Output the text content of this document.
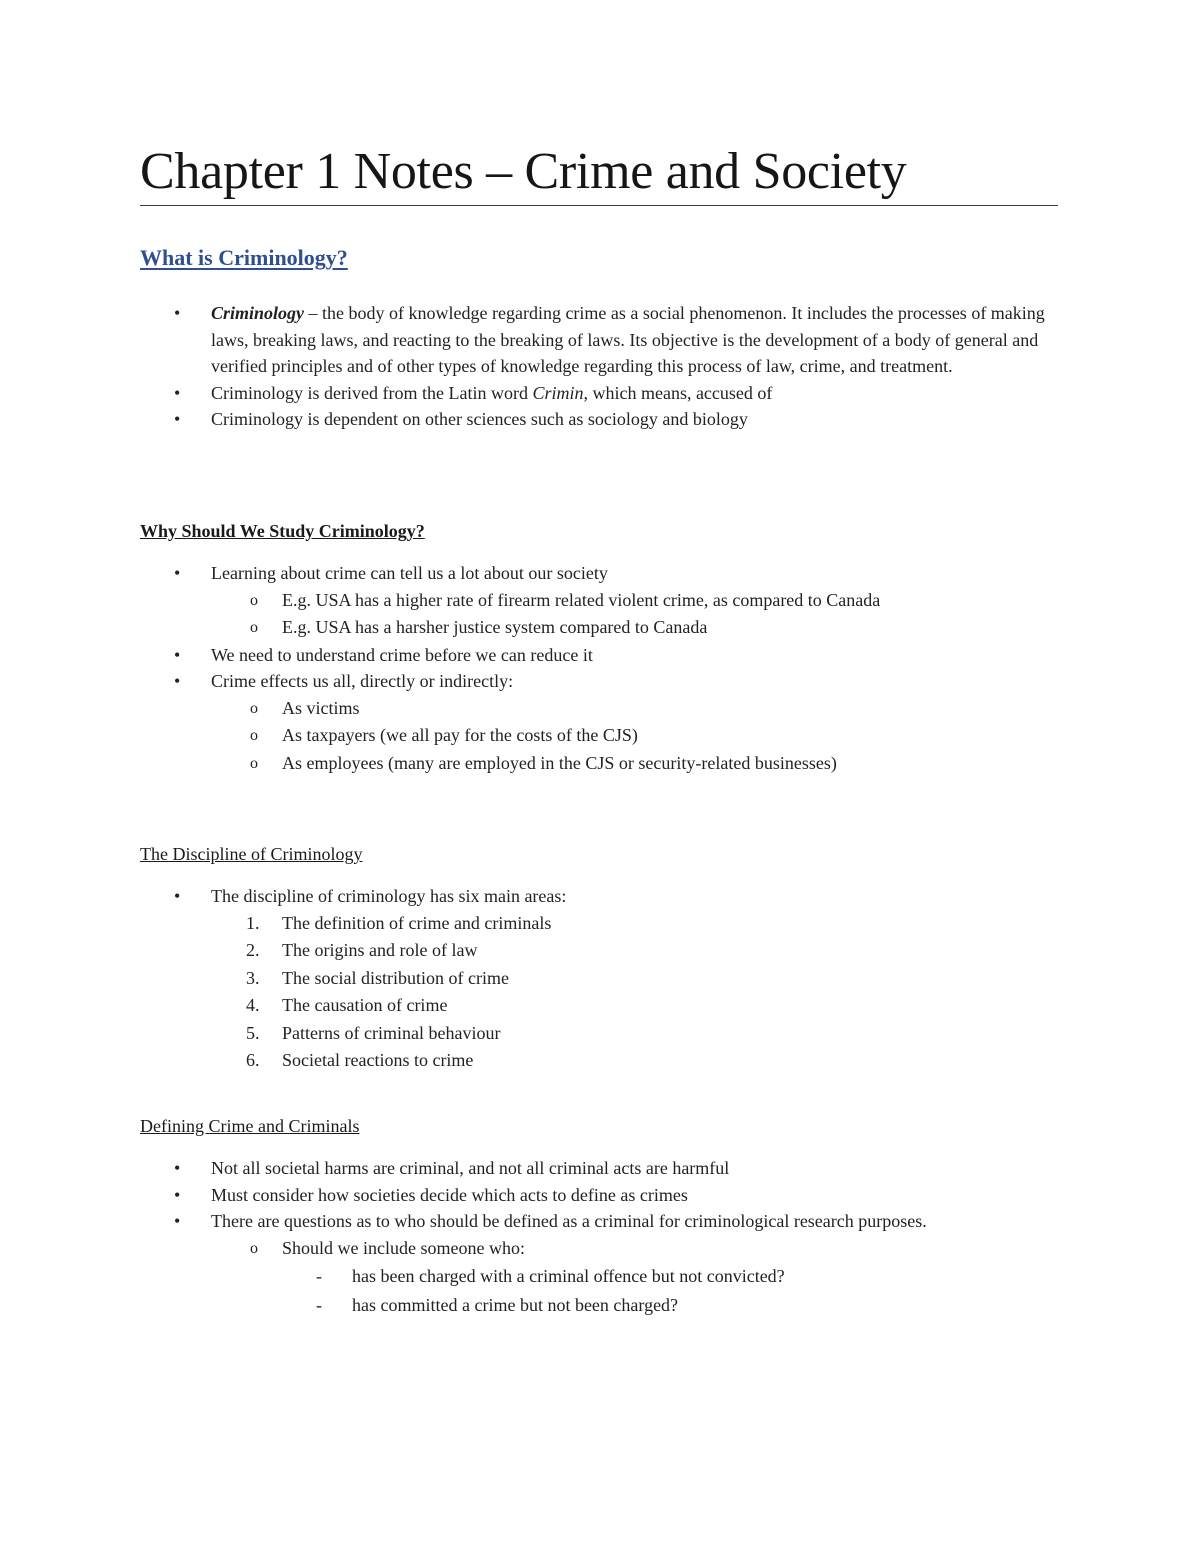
Chapter 1 Notes – Crime and Society
What is Criminology?
• Criminology – the body of knowledge regarding crime as a social phenomenon. It includes the processes of making laws, breaking laws, and reacting to the breaking of laws. Its objective is the development of a body of general and verified principles and of other types of knowledge regarding this process of law, crime, and treatment.
• Criminology is derived from the Latin word Crimin, which means, accused of
• Criminology is dependent on other sciences such as sociology and biology
Why Should We Study Criminology?
• Learning about crime can tell us a lot about our society
o E.g. USA has a higher rate of firearm related violent crime, as compared to Canada
o E.g. USA has a harsher justice system compared to Canada
• We need to understand crime before we can reduce it
• Crime effects us all, directly or indirectly:
o As victims
o As taxpayers (we all pay for the costs of the CJS)
o As employees (many are employed in the CJS or security-related businesses)
The Discipline of Criminology
• The discipline of criminology has six main areas:
1. The definition of crime and criminals
2. The origins and role of law
3. The social distribution of crime
4. The causation of crime
5. Patterns of criminal behaviour
6. Societal reactions to crime
Defining Crime and Criminals
• Not all societal harms are criminal, and not all criminal acts are harmful
• Must consider how societies decide which acts to define as crimes
• There are questions as to who should be defined as a criminal for criminological research purposes.
o Should we include someone who:
- has been charged with a criminal offence but not convicted?
- has committed a crime but not been charged?
